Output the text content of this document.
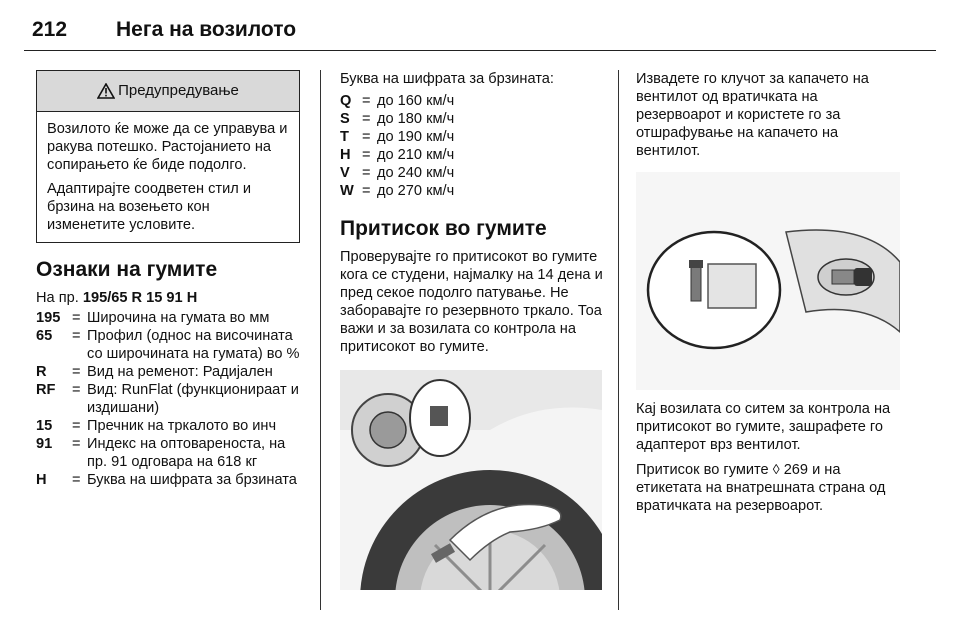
212 Нега на возилото
Предупредување

Возилото ќе може да се управува и ракува потешко. Растојанието на сопирањето ќе биде подолго.

Адаптирајте соодветен стил и брзина на возењето кон изменетите условите.

Ознаки на гумите
На пр. 195/65 R 15 91 H
195 = Широчина на гумата во мм
65	= Профил (однос на височината со широчината на гумата) во %
R	= Вид на ременот: Радијален
RF	= Вид: RunFlat (функционираат и издишани)
15	= Пречник на тркалото во инч
91	= Индекс на оптовареноста, на пр. 91 одговара на 618 кг
H	= Буква на шифрата за брзината

Буква на шифрата за брзината:

Q = до 160 км/ч
S = до 180 км/ч
T = до 190 км/ч
H = до 210 км/ч
V = до 240 км/ч
W = до 270 км/ч
Притисок во гумите

Проверувајте го притисокот во гумите кога се студени, најмалку на 14 дена и пред секое подолго патување. Не заборавајте го резервното тркало. Тоа важи и за возилата со контрола на притисокот во гумите.

Извадете го клучот за капачето на вентилот од вратичката на резервоарот и користете го за отшрафување на капачето на вентилот.

Кај возилата со ситем за контрола на притисокот во гумите, зашрафете го адаптерот врз вентилот.

Притисок во гумите ◊ 269 и на етикетата на внатрешната страна од вратичката на резервоарот.
